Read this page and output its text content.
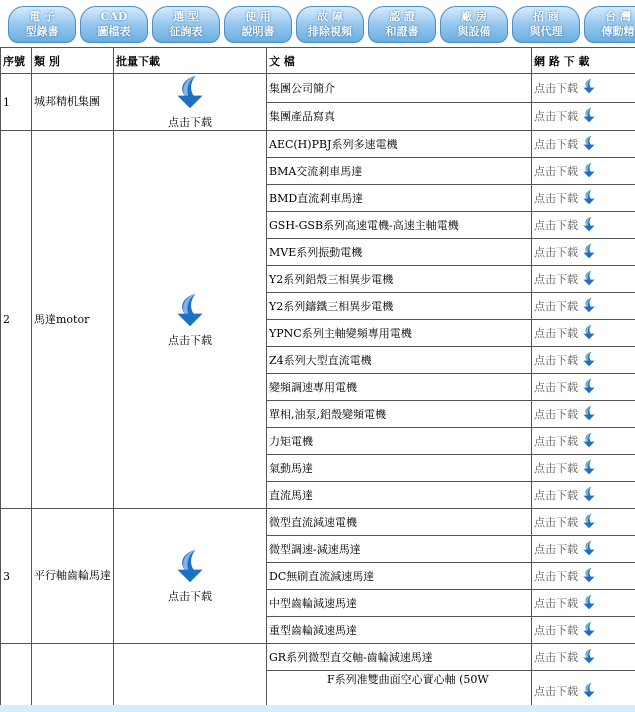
電 子
型錄書
CAD
圖檔表
選 型
征詢表
使 用
說明書
故 障
排除視頻
認 證
和證書
廠 房
與設備
招 商
與代理
台 灣
傳動精
序號	類 別	批量下載	文 檔	網 路 下 載
1	城邦精机集團	点击下载	集團公司簡介	点击下载

			集團產品寫真	点击下载

2	馬達motor	点击下载	AEC(H)PBJ系列多速電機	点击下载

			BMA交流剎車馬達	点击下载

			BMD直流剎車馬達	点击下载

			GSH-GSB系列高速電機-高速主軸電機	点击下载

			MVE系列振動電機	点击下载

			Y2系列鋁殼三相異步電機	点击下载

			Y2系列鑄鐵三相異步電機	点击下载

			YPNC系列主軸變頻專用電機	点击下载

			Z4系列大型直流電機	点击下载

			變頻調速專用電機	点击下载

			單相,油泵,鋁殼變頻電機	点击下载

			力矩電機	点击下载

			氣動馬達	点击下载

			直流馬達	点击下载

3	平行軸齒輪馬達	点击下载	微型直流減速電機	点击下载

			微型調速-減速馬達	点击下载

			DC無刷直流減速馬達	点击下载

			中型齒輪減速馬達	点击下载

			重型齒輪減速馬達	点击下载

			GR系列微型直交軸-齒輪減速馬達	点击下载

			F系列准雙曲面空心實心軸 (50W	点击下载
